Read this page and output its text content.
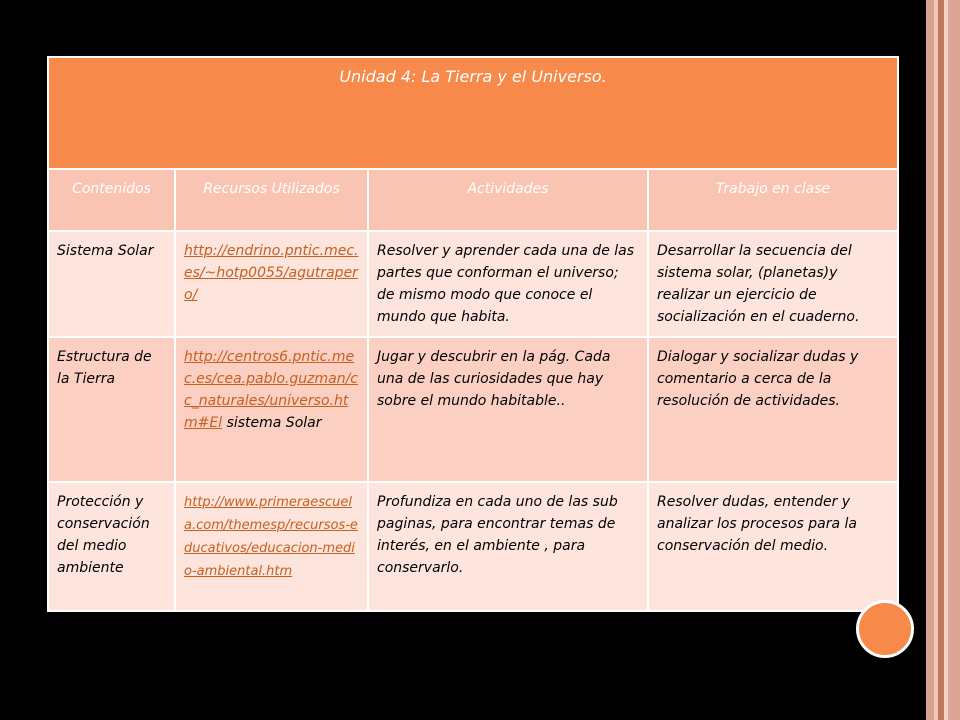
Unidad 4: La Tierra y el Universo.			
Contenidos	Recursos Utilizados	Actividades	Trabajo en clase
Sistema Solar	http://endrino.pntic.mec.es/~hotp0055/agutrapero/	Resolver y aprender cada una de las partes que conforman el universo; de mismo modo que conoce el mundo que habita.	Desarrollar la secuencia del sistema solar, (planetas)y realizar un ejercicio de socialización en el cuaderno.
Estructura de la Tierra	http://centros6.pntic.mec.es/cea.pablo.guzman/cc_naturales/universo.htm#El sistema Solar	Jugar y descubrir en la pág. Cada una de las curiosidades que hay sobre el mundo habitable..	Dialogar y socializar dudas y comentario a cerca de la resolución de actividades.
Protección y conservación del medio ambiente	http://www.primeraescuela.com/themesp/recursos-educativos/educacion-medio-ambiental.htm	Profundiza en cada uno de las sub paginas, para encontrar temas de interés, en el ambiente , para conservarlo.	Resolver dudas, entender y analizar los procesos para la conservación del medio.
